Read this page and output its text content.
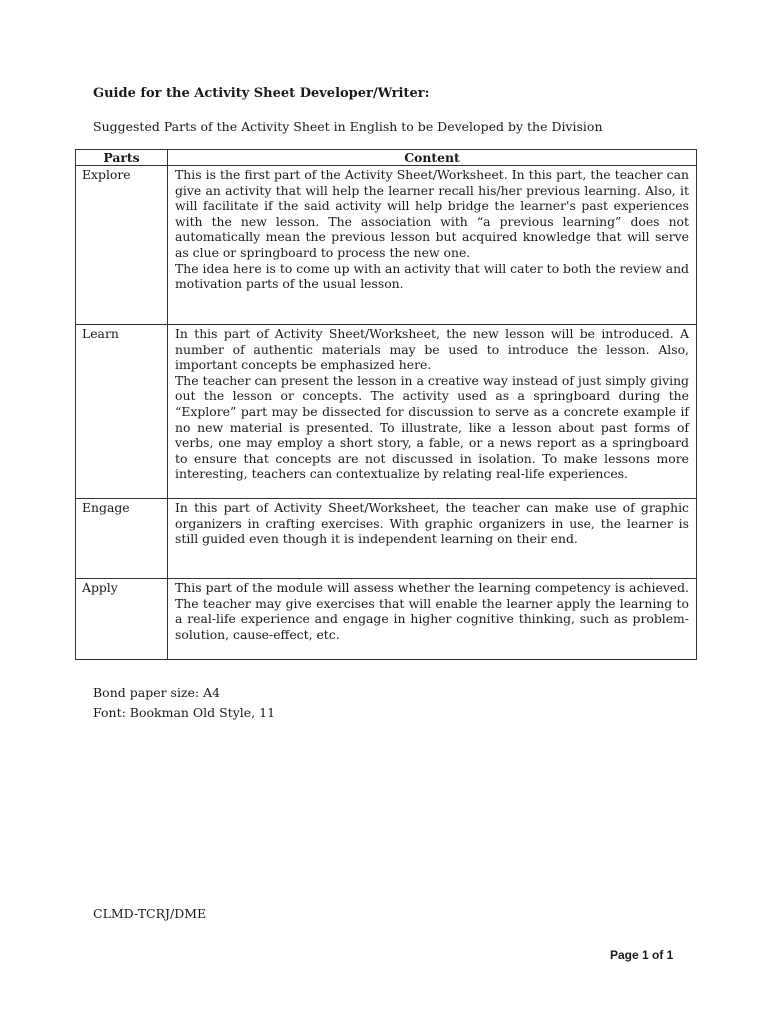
Guide for the Activity Sheet Developer/Writer:
Suggested Parts of the Activity Sheet in English to be Developed by the Division
Parts	Content
Explore	This is the first part of the Activity Sheet/Worksheet. In this part, the teacher can give an activity that will help the learner recall his/her previous learning. Also, it will facilitate if the said activity will help bridge the learner's past experiences with the new lesson. The association with “a previous learning” does not automatically mean the previous lesson but acquired knowledge that will serve as clue or springboard to process the new one.

The idea here is to come up with an activity that will cater to both the review and motivation parts of the usual lesson.

Learn	In this part of Activity Sheet/Worksheet, the new lesson will be introduced. A number of authentic materials may be used to introduce the lesson. Also, important concepts be emphasized here.

The teacher can present the lesson in a creative way instead of just simply giving out the lesson or concepts. The activity used as a springboard during the “Explore” part may be dissected for discussion to serve as a concrete example if no new material is presented. To illustrate, like a lesson about past forms of verbs, one may employ a short story, a fable, or a news report as a springboard to ensure that concepts are not discussed in isolation. To make lessons more interesting, teachers can contextualize by relating real-life experiences.

Engage	In this part of Activity Sheet/Worksheet, the teacher can make use of graphic organizers in crafting exercises. With graphic organizers in use, the learner is still guided even though it is independent learning on their end.

Apply	This part of the module will assess whether the learning competency is achieved. The teacher may give exercises that will enable the learner apply the learning to a real-life experience and engage in higher cognitive thinking, such as problem-solution, cause-effect, etc.

Bond paper size: A4
Font: Bookman Old Style, 11
CLMD-TCRJ/DME
Page 1 of 1
